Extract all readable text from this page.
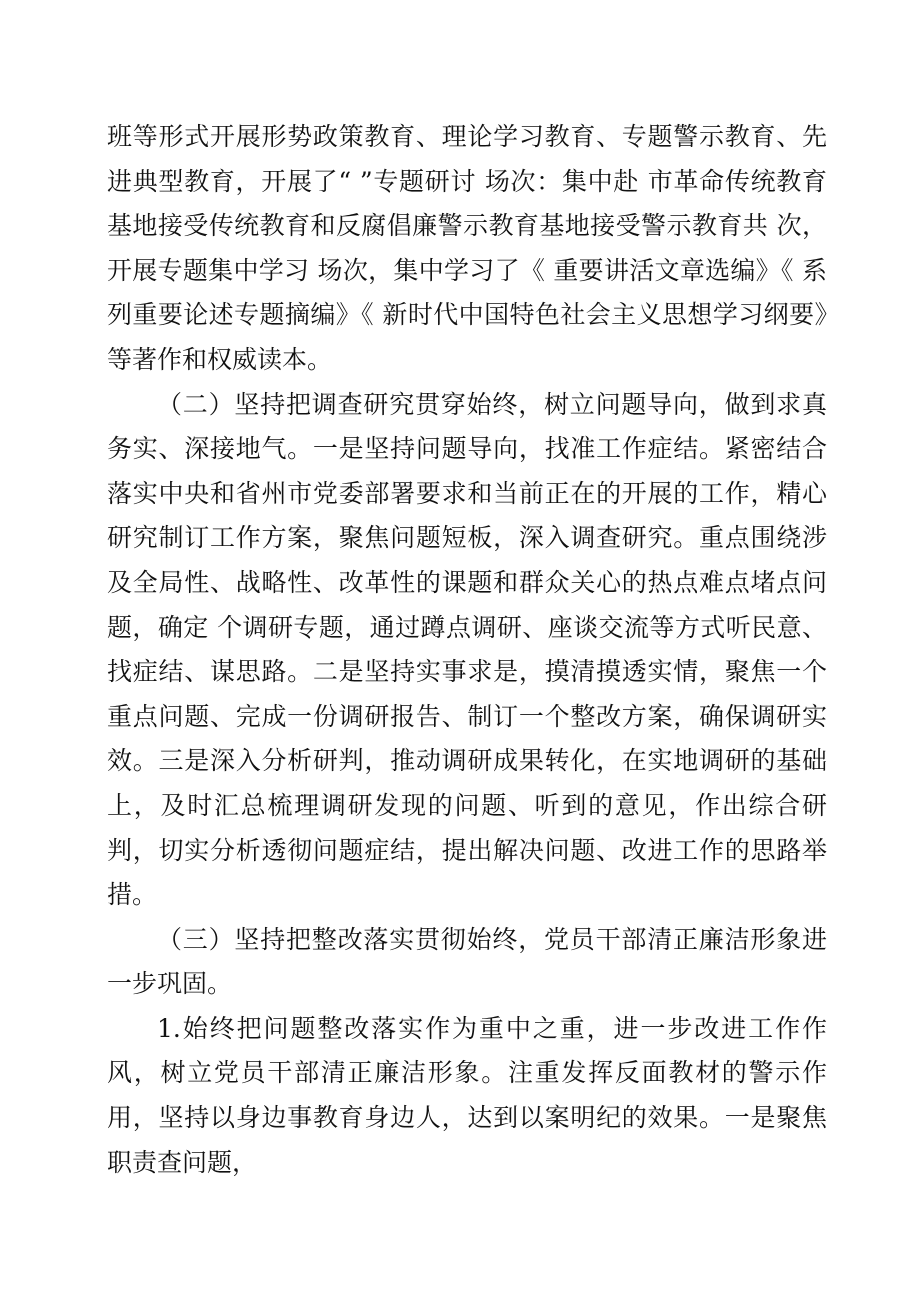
班等形式开展形势政策教育、理论学习教育、专题警示教育、先进典型教育，开展了“ ”专题研讨 场次：集中赴 市革命传统教育基地接受传统教育和反腐倡廉警示教育基地接受警示教育共 次， 开展专题集中学习 场次，集中学习了《 重要讲活文章选编》《 系列重要论述专题摘编》《 新时代中国特色社会主义思想学习纲要》等著作和权威读本。

（二）坚持把调查研究贯穿始终，树立问题导向，做到求真务实、深接地气。一是坚持问题导向，找准工作症结。紧密结合落实中央和省州市党委部署要求和当前正在的开展的工作，精心研究制订工作方案，聚焦问题短板，深入调查研究。重点围绕涉及全局性、战略性、改革性的课题和群众关心的热点难点堵点问题，确定 个调研专题，通过蹲点调研、座谈交流等方式听民意、找症结、谋思路。二是坚持实事求是，摸清摸透实情，聚焦一个重点问题、完成一份调研报告、制订一个整改方案，确保调研实效。三是深入分析研判，推动调研成果转化，在实地调研的基础上，及时汇总梳理调研发现的问题、听到的意见，作出综合研判，切实分析透彻问题症结，提出解决问题、改进工作的思路举措。

（三）坚持把整改落实贯彻始终，党员干部清正廉洁形象进一步巩固。

1.始终把问题整改落实作为重中之重，进一步改进工作作风，树立党员干部清正廉洁形象。注重发挥反面教材的警示作用，坚持以身边事教育身边人，达到以案明纪的效果。一是聚焦职责查问题，
